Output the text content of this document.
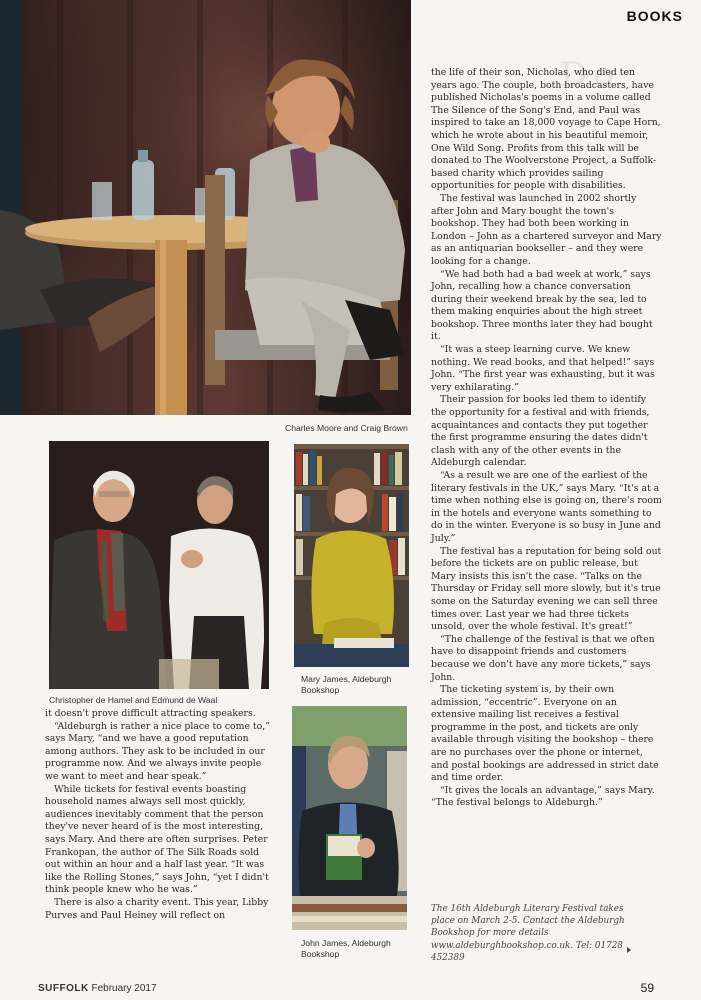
BOOKS
Do
Charles Moore and Craig Brown
Christopher de Hamel and Edmund de Waal
Mary James, Aldeburgh Bookshop
John James, Aldeburgh Bookshop

it doesn't prove difficult attracting speakers.

“Aldeburgh is rather a nice place to come to,” says Mary, “and we have a good reputation among authors. They ask to be included in our programme now. And we always invite people we want to meet and hear speak.”

While tickets for festival events boasting household names always sell most quickly, audiences inevitably comment that the person they've never heard of is the most interesting, says Mary. And there are often surprises. Peter Frankopan, the author of The Silk Roads sold out within an hour and a half last year. “It was like the Rolling Stones,” says John, “yet I didn't think people knew who he was.”

There is also a charity event. This year, Libby Purves and Paul Heiney will reflect on

the life of their son, Nicholas, who died ten years ago. The couple, both broadcasters, have published Nicholas's poems in a volume called The Silence of the Song's End, and Paul was inspired to take an 18,000 voyage to Cape Horn, which he wrote about in his beautiful memoir, One Wild Song. Profits from this talk will be donated to The Woolverstone Project, a Suffolk-based charity which provides sailing opportunities for people with disabilities.

The festival was launched in 2002 shortly after John and Mary bought the town's bookshop. They had both been working in London – John as a chartered surveyor and Mary as an antiquarian bookseller – and they were looking for a change.

“We had both had a bad week at work,” says John, recalling how a chance conversation during their weekend break by the sea, led to them making enquiries about the high street bookshop. Three months later they had bought it.

“It was a steep learning curve. We knew nothing. We read books, and that helped!” says John. “The first year was exhausting, but it was very exhilarating.”

Their passion for books led them to identify the opportunity for a festival and with friends, acquaintances and contacts they put together the first programme ensuring the dates didn't clash with any of the other events in the Aldeburgh calendar.

“As a result we are one of the earliest of the literary festivals in the UK,” says Mary. “It's at a time when nothing else is going on, there's room in the hotels and everyone wants something to do in the winter. Everyone is so busy in June and July.”

The festival has a reputation for being sold out before the tickets are on public release, but Mary insists this isn't the case. “Talks on the Thursday or Friday sell more slowly, but it's true some on the Saturday evening we can sell three times over. Last year we had three tickets unsold, over the whole festival. It's great!”

“The challenge of the festival is that we often have to disappoint friends and customers because we don't have any more tickets,” says John.

The ticketing system is, by their own admission, “eccentric”. Everyone on an extensive mailing list receives a festival programme in the post, and tickets are only available through visiting the bookshop – there are no purchases over the phone or internet, and postal bookings are addressed in strict date and time order.

“It gives the locals an advantage,” says Mary. “The festival belongs to Aldeburgh.”

The 16th Aldeburgh Literary Festival takes place on March 2-5. Contact the Aldeburgh Bookshop for more details www.aldeburghbookshop.co.uk. Tel: 01728 452389

SUFFOLK February 2017	59
